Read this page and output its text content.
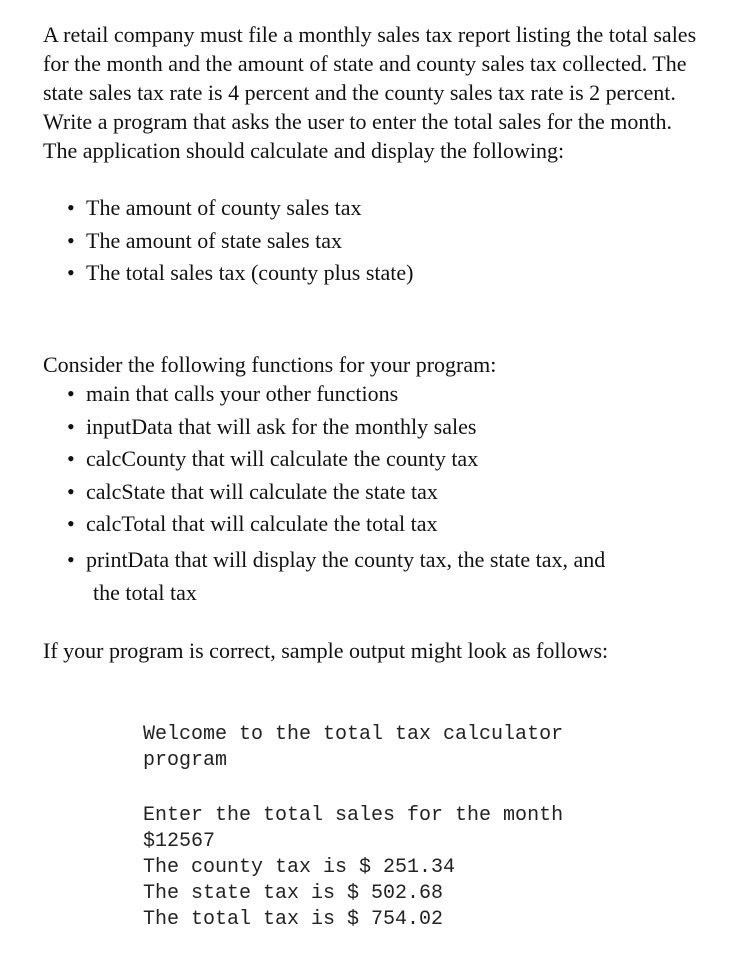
A retail company must file a monthly sales tax report listing the total sales for the month and the amount of state and county sales tax collected. The state sales tax rate is 4 percent and the county sales tax rate is 2 percent. Write a program that asks the user to enter the total sales for the month. The application should calculate and display the following:

• The amount of county sales tax
• The amount of state sales tax
• The total sales tax (county plus state)

Consider the following functions for your program:

• main that calls your other functions
• inputData that will ask for the monthly sales
• calcCounty that will calculate the county tax
• calcState that will calculate the state tax
• calcTotal that will calculate the total tax
• printData that will display the county tax, the state tax, and
the total tax

If your program is correct, sample output might look as follows:

Welcome to the total tax calculator
program
Enter the total sales for the month
$12567
The county tax is $ 251.34
The state tax is $ 502.68
The total tax is $ 754.02
